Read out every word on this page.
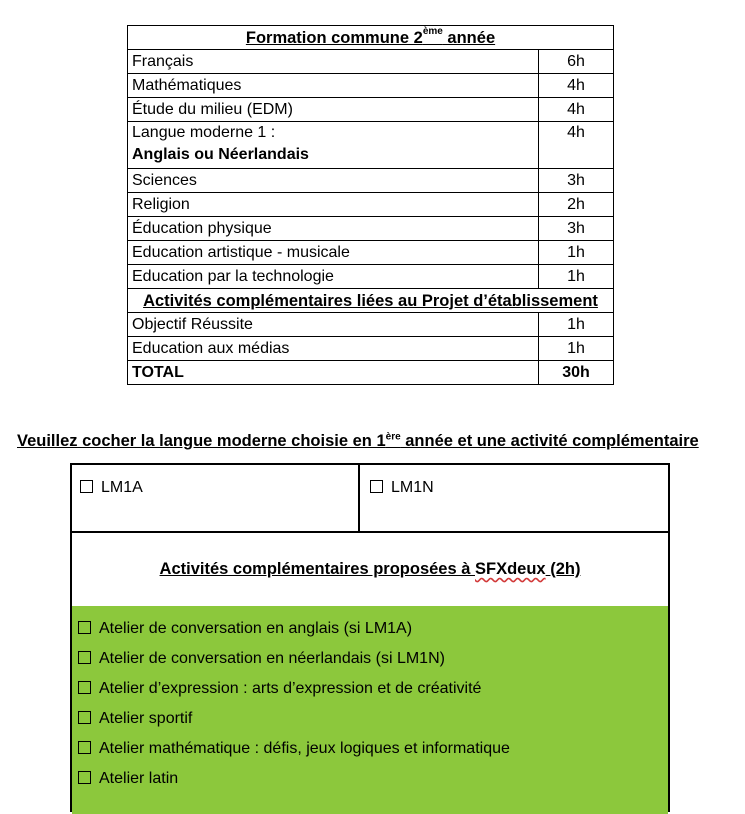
Formation commune 2ème année	
Français	6h
Mathématiques	4h
Étude du milieu (EDM)	4h

Langue moderne 1 :
Anglais ou Néerlandais	4h
Sciences	3h
Religion	2h
Éducation physique	3h
Education artistique - musicale	1h
Education par la technologie	1h
Activités complémentaires liées au Projet d’établissement	
Objectif Réussite	1h
Education aux médias	1h
TOTAL	30h
Veuillez cocher la langue moderne choisie en 1ère année et une activité complémentaire
LM1A	LM1N
Activités complémentaires proposées à SFXdeux (2h)
Atelier de conversation en anglais (si LM1A)
Atelier de conversation en néerlandais (si LM1N)
Atelier d’expression : arts d’expression et de créativité
Atelier sportif
Atelier mathématique : défis, jeux logiques et informatique
Atelier latin
